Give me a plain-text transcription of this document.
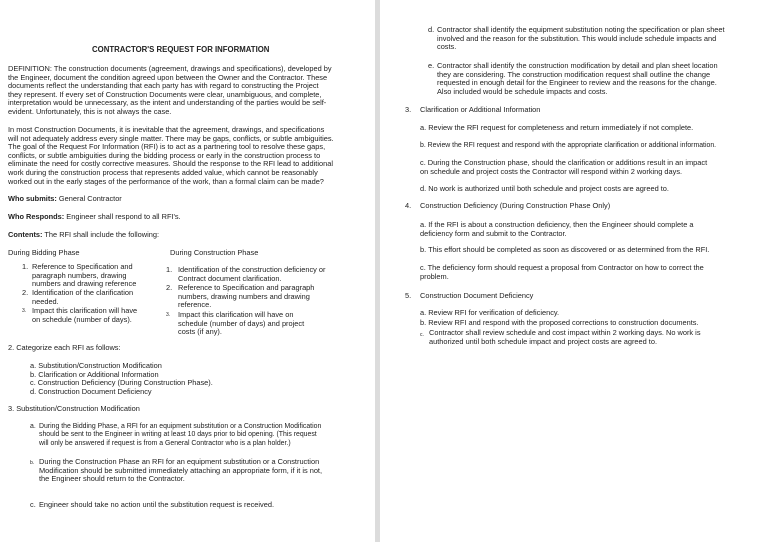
CONTRACTOR'S REQUEST FOR INFORMATION

DEFINITION: The construction documents (agreement, drawings and specifications), developed by
the Engineer, document the condition agreed upon between the Owner and the Contractor. These
documents reflect the understanding that each party has with regard to constructing the Project
they represent. If every set of Construction Documents were clear, unambiguous, and complete,
interpretation would be unnecessary, as the intent and understanding of the parties would be self-
evident. Unfortunately, this is not always the case.

In most Construction Documents, it is inevitable that the agreement, drawings, and specifications
will not adequately address every single matter. There may be gaps, conflicts, or subtle ambiguities.
The goal of the Request For Information (RFI) is to act as a partnering tool to resolve these gaps,
conflicts, or subtle ambiguities during the bidding process or early in the construction process to
eliminate the need for costly corrective measures. Should the response to the RFI lead to additional
work during the construction process that represents added value, which cannot be reasonably
worked out in the early stages of the performance of the work, than a formal claim can be made?

Who submits: General Contractor

Who Responds: Engineer shall respond to all RFI's.

Contents: The RFI shall include the following:

During Bidding Phase

1. Reference to Specification and
paragraph numbers, drawing
numbers and drawing reference

2. Identification of the clarification
needed.

3. Impact this clarification will have
on schedule (number of days).

During Construction Phase

1. Identification of the construction deficiency or
Contract document clarification.

2. Reference to Specification and paragraph
numbers, drawing numbers and drawing
reference.

3. Impact this clarification will have on
schedule (number of days) and project
costs (if any).

2. Categorize each RFI as follows:

a. Substitution/Construction Modification
b. Clarification or Additional Information
c. Construction Deficiency (During Construction Phase).
d. Construction Document Deficiency

3. Substitution/Construction Modification

a. During the Bidding Phase, a RFI for an equipment substitution or a Construction Modification
should be sent to the Engineer in writing at least 10 days prior to bid opening. (This request
will only be answered if request is from a General Contractor who is a plan holder.)

b. During the Construction Phase an RFI for an equipment substitution or a Construction
Modification should be submitted immediately attaching an appropriate form, if it is not,
the Engineer should return to the Contractor.

c. Engineer should take no action until the substitution request is received.

d. Contractor shall identify the equipment substitution noting the specification or plan sheet
involved and the reason for the substitution. This would include schedule impacts and
costs.

e. Contractor shall identify the construction modification by detail and plan sheet location
they are considering. The construction modification request shall outline the change
requested in enough detail for the Engineer to review and the reasons for the change.
Also included would be schedule impacts and costs.

3. Clarification or Additional Information

a. Review the RFI request for completeness and return immediately if not complete.

b. Review the RFI request and respond with the appropriate clarification or additional information.

c. During the Construction phase, should the clarification or additions result in an impact
on schedule and project costs the Contractor will respond within 2 working days.

d. No work is authorized until both schedule and project costs are agreed to.

4. Construction Deficiency (During Construction Phase Only)

a. If the RFI is about a construction deficiency, then the Engineer should complete a
deficiency form and submit to the Contractor.

b. This effort should be completed as soon as discovered or as determined from the RFI.

c. The deficiency form should request a proposal from Contractor on how to correct the
problem.

5. Construction Document Deficiency

a. Review RFI for verification of deficiency.

b. Review RFI and respond with the proposed corrections to construction documents.

c. Contractor shall review schedule and cost impact within 2 working days. No work is
authorized until both schedule impact and project costs are agreed to.
